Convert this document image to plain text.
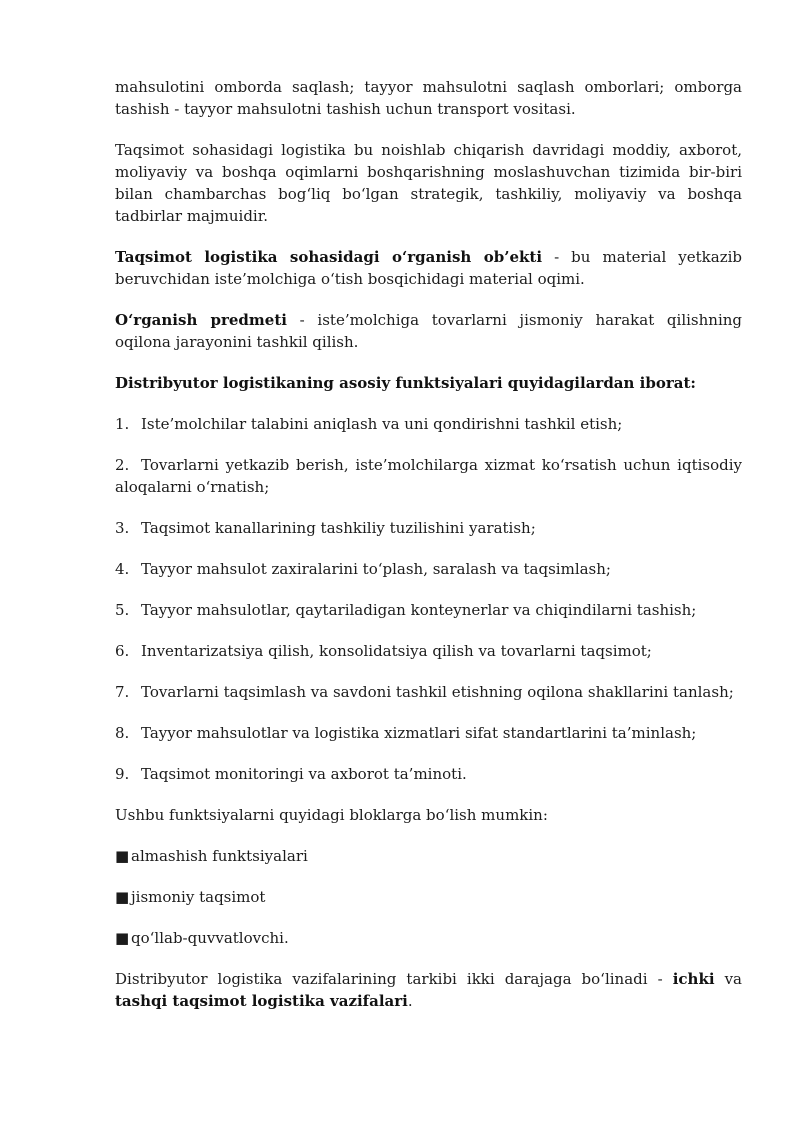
mahsulotini omborda saqlash; tayyor mahsulotni saqlash omborlari; omborga tashish - tayyor mahsulotni tashish uchun transport vositasi.

Taqsimot sohasidagi logistika bu noishlab chiqarish davridagi moddiy, axborot, moliyaviy va boshqa oqimlarni boshqarishning moslashuvchan tizimida bir-biri bilan chambarchas bog‘liq bo‘lgan strategik, tashkiliy, moliyaviy va boshqa tadbirlar majmuidir.

Taqsimot logistika sohasidagi o‘rganish ob’ekti - bu material yetkazib beruvchidan iste’molchiga o‘tish bosqichidagi material oqimi.

O‘rganish predmeti - iste’molchiga tovarlarni jismoniy harakat qilishning oqilona jarayonini tashkil qilish.

Distribyutor logistikaning asosiy funktsiyalari quyidagilardan iborat:

1. Iste’molchilar talabini aniqlash va uni qondirishni tashkil etish;

2. Tovarlarni yetkazib berish, iste’molchilarga xizmat ko‘rsatish uchun iqtisodiy aloqalarni o‘rnatish;

3. Taqsimot kanallarining tashkiliy tuzilishini yaratish;

4. Tayyor mahsulot zaxiralarini to‘plash, saralash va taqsimlash;

5. Tayyor mahsulotlar, qaytariladigan konteynerlar va chiqindilarni tashish;

6. Inventarizatsiya qilish, konsolidatsiya qilish va tovarlarni taqsimot;

7. Tovarlarni taqsimlash va savdoni tashkil etishning oqilona shakllarini tanlash;

8. Tayyor mahsulotlar va logistika xizmatlari sifat standartlarini ta’minlash;

9. Taqsimot monitoringi va axborot ta’minoti.

Ushbu funktsiyalarni quyidagi bloklarga bo‘lish mumkin:

■ almashish funktsiyalari

■ jismoniy taqsimot

■ qo‘llab-quvvatlovchi.

Distribyutor logistika vazifalarining tarkibi ikki darajaga bo‘linadi - ichki va tashqi taqsimot logistika vazifalari.
